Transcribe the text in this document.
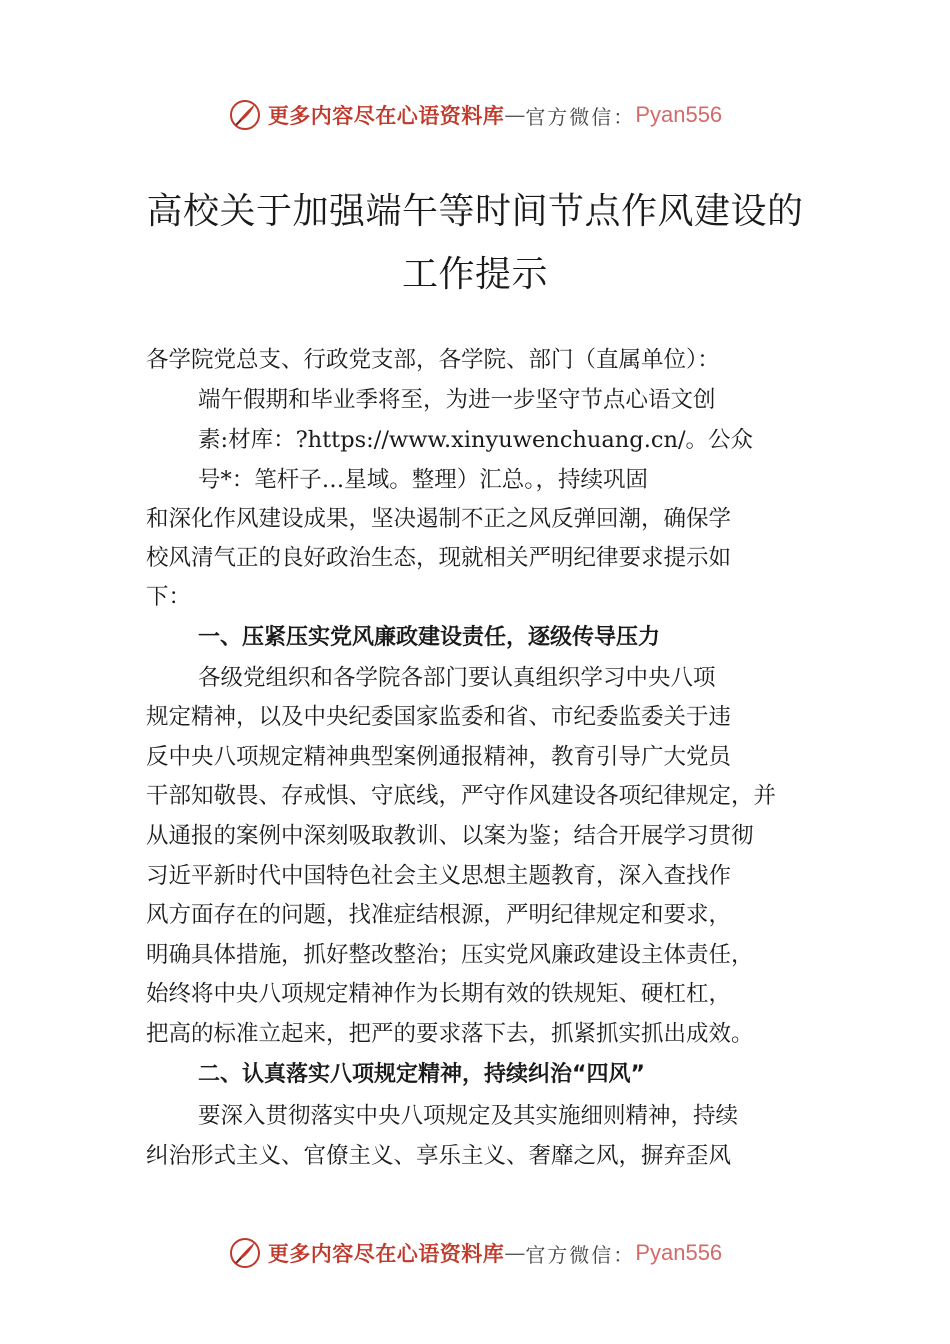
更多内容尽在心语资料库 — 官方微信： Pyan556
高校关于加强端午等时间节点作风建设的
工作提示
各学院党总支、行政党支部，各学院、部门（直属单位）：
端午假期和毕业季将至，为进一步坚守节点心语文创
素:材库：?https://www.xinyuwenchuang.cn/。公众
号*：笔杆子…星域。整理）汇总。，持续巩固
和深化作风建设成果，坚决遏制不正之风反弹回潮，确保学
校风清气正的良好政治生态，现就相关严明纪律要求提示如
下：
一、压紧压实党风廉政建设责任，逐级传导压力
各级党组织和各学院各部门要认真组织学习中央八项
规定精神，以及中央纪委国家监委和省、市纪委监委关于违
反中央八项规定精神典型案例通报精神，教育引导广大党员
干部知敬畏、存戒惧、守底线，严守作风建设各项纪律规定，并
从通报的案例中深刻吸取教训、以案为鉴；结合开展学习贯彻
习近平新时代中国特色社会主义思想主题教育，深入查找作
风方面存在的问题，找准症结根源，严明纪律规定和要求，
明确具体措施，抓好整改整治；压实党风廉政建设主体责任，
始终将中央八项规定精神作为长期有效的铁规矩、硬杠杠，
把高的标准立起来，把严的要求落下去，抓紧抓实抓出成效。
二、认真落实八项规定精神，持续纠治“四风”
要深入贯彻落实中央八项规定及其实施细则精神，持续
纠治形式主义、官僚主义、享乐主义、奢靡之风，摒弃歪风
更多内容尽在心语资料库 — 官方微信： Pyan556
